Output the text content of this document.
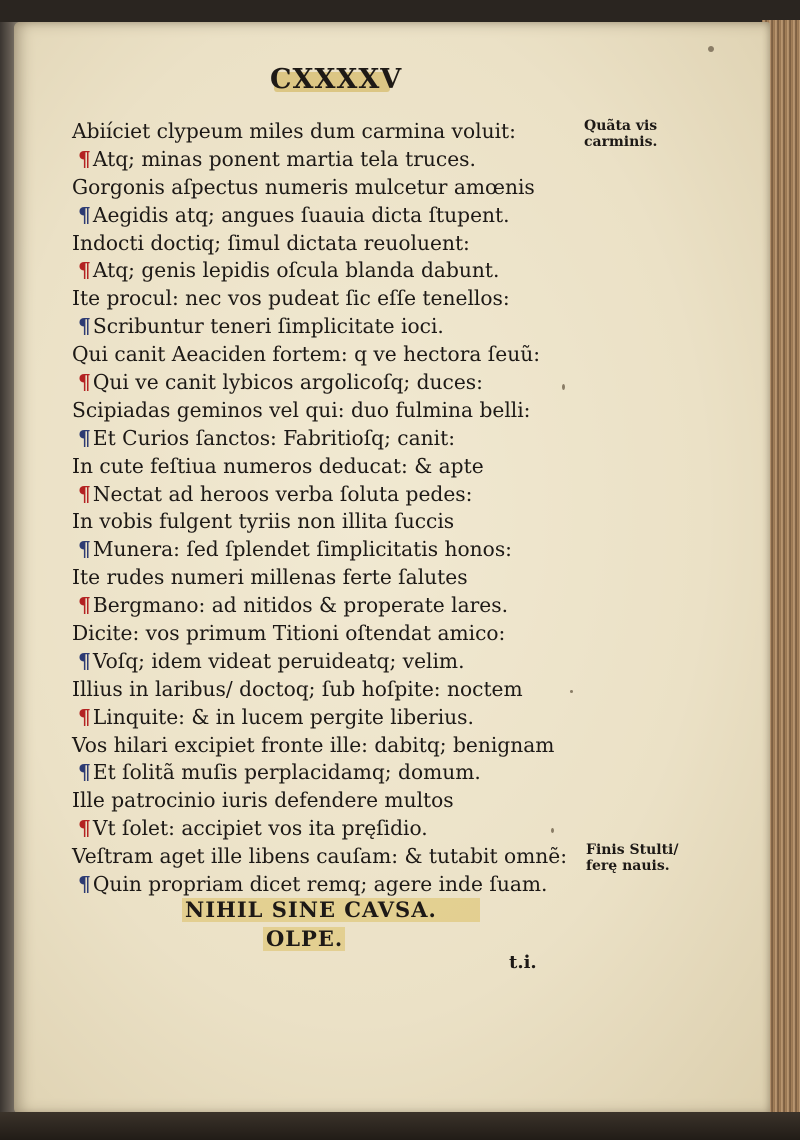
CXXXXV
Abiíciet clypeum miles dum carmina voluit:
¶Atq; minas ponent martia tela truces.
Gorgonis aſpectus numeris mulcetur amœnis
¶Aegidis atq; angues ſuauia dicta ſtupent.
Indocti doctiq; ſimul dictata reuoluent:
¶Atq; genis lepidis oſcula blanda dabunt.
Ite procul: nec vos pudeat ſic eſſe tenellos:
¶Scribuntur teneri ſimplicitate ioci.
Qui canit Aeaciden fortem: q ve hectora ſeuũ:
¶Qui ve canit lybicos argolicoſq; duces:
Scipiadas geminos vel qui: duo fulmina belli:
¶Et Curios ſanctos: Fabritioſq; canit:
In cute feſtiua numeros deducat: & apte
¶Nectat ad heroos verba ſoluta pedes:
In vobis fulgent tyriis non illita ſuccis
¶Munera: ſed ſplendet ſimplicitatis honos:
Ite rudes numeri millenas ferte ſalutes
¶Bergmano: ad nitidos & properate lares.
Dicite: vos primum Titioni oſtendat amico:
¶Voſq; idem videat peruideatq; velim.
Illius in laribus/ doctoq; ſub hoſpite: noctem
¶Linquite: & in lucem pergite liberius.
Vos hilari excipiet fronte ille: dabitq; benignam
¶Et ſolitã muſis perplacidamq; domum.
Ille patrocinio iuris defendere multos
¶Vt ſolet: accipiet vos ita pręſidio.
Veſtram aget ille libens cauſam: & tutabit omnẽ:
¶Quin propriam dicet remq; agere inde ſuam.
Quãta vis
carminis.
Finis Stulti/
ferę nauis.
NIHIL SINE CAVSA.
OLPE.
t.i.
